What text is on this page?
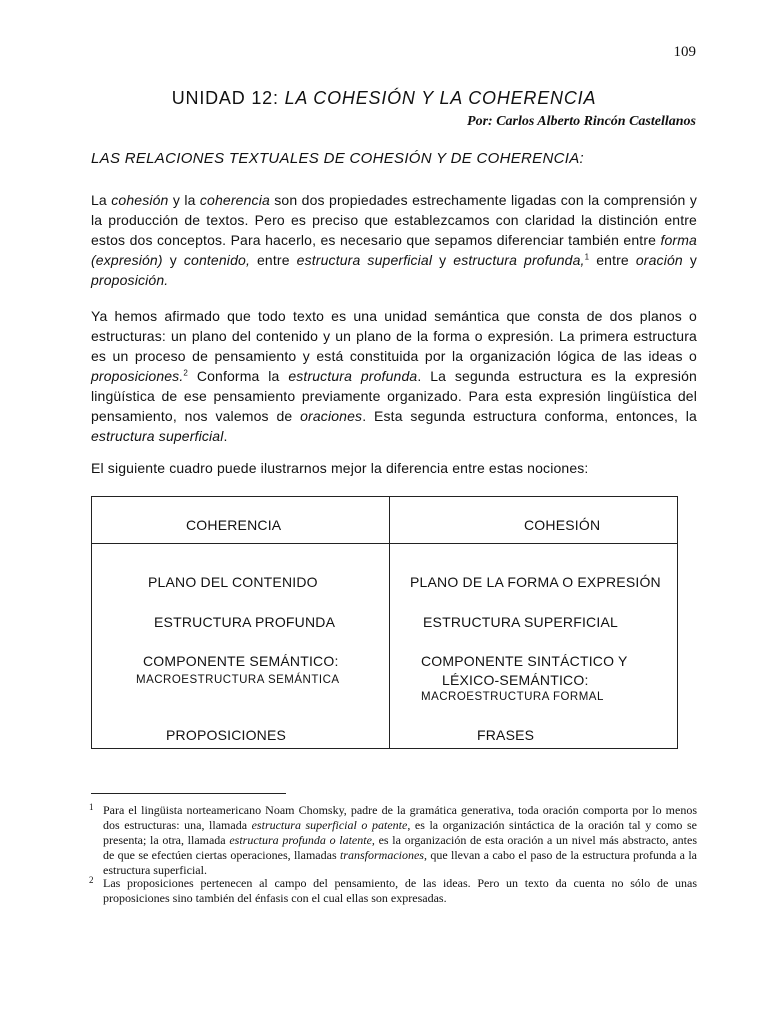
109
UNIDAD 12: LA COHESIÓN Y LA COHERENCIA
Por: Carlos Alberto Rincón Castellanos
LAS RELACIONES TEXTUALES DE COHESIÓN Y DE COHERENCIA:

La cohesión y la coherencia son dos propiedades estrechamente ligadas con la comprensión y la producción de textos. Pero es preciso que establezcamos con claridad la distinción entre estos dos conceptos. Para hacerlo, es necesario que sepamos diferenciar también entre forma (expresión) y contenido, entre estructura superficial y estructura profunda,$^1$ entre oración y proposición.

Ya hemos afirmado que todo texto es una unidad semántica que consta de dos planos o estructuras: un plano del contenido y un plano de la forma o expresión. La primera estructura es un proceso de pensamiento y está constituida por la organización lógica de las ideas o proposiciones.$^2$ Conforma la estructura profunda. La segunda estructura es la expresión lingüística de ese pensamiento previamente organizado. Para esta expresión lingüística del pensamiento, nos valemos de oraciones. Esta segunda estructura conforma, entonces, la estructura superficial.

El siguiente cuadro puede ilustrarnos mejor la diferencia entre estas nociones:

COHERENCIA	COHESIÓN
PLANO DEL CONTENIDO
ESTRUCTURA PROFUNDA
COMPONENTE SEMÁNTICO:
MACROESTRUCTURA SEMÁNTICA
PROPOSICIONES
PLANO DE LA FORMA O EXPRESIÓN
ESTRUCTURA SUPERFICIAL
COMPONENTE SINTÁCTICO Y
LÉXICO-SEMÁNTICO:
MACROESTRUCTURA FORMAL
FRASES

1 Para el lingüista norteamericano Noam Chomsky, padre de la gramática generativa, toda oración comporta por lo menos dos estructuras: una, llamada estructura superficial o patente, es la organización sintáctica de la oración tal y como se presenta; la otra, llamada estructura profunda o latente, es la organización de esta oración a un nivel más abstracto, antes de que se efectúen ciertas operaciones, llamadas transformaciones, que llevan a cabo el paso de la estructura profunda a la estructura superficial.

2 Las proposiciones pertenecen al campo del pensamiento, de las ideas. Pero un texto da cuenta no sólo de unas proposiciones sino también del énfasis con el cual ellas son expresadas.
